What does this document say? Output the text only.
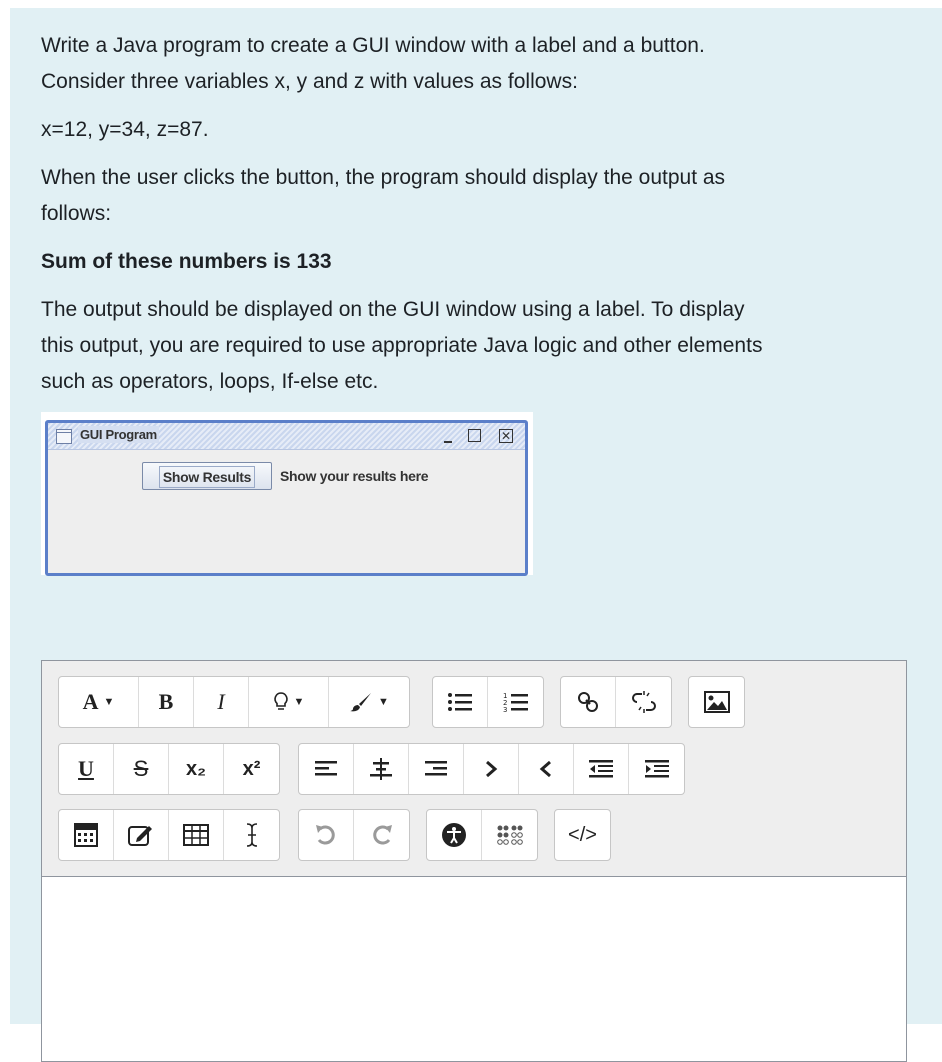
Write a Java program to create a GUI window with a label and a button.

Consider three variables x, y and z with values as follows:

x=12, y=34, z=87.

When the user clicks the button, the program should display the output as

follows:

Sum of these numbers is 133

The output should be displayed on the GUI window using a label. To display

this output, you are required to use appropriate Java logic and other elements

such as operators, loops, If-else etc.

GUI Program	✕
Show Results	Show your results here
A ▼	B	I	▼	▼	1
2
3
U	S	x₂	x²
</>
